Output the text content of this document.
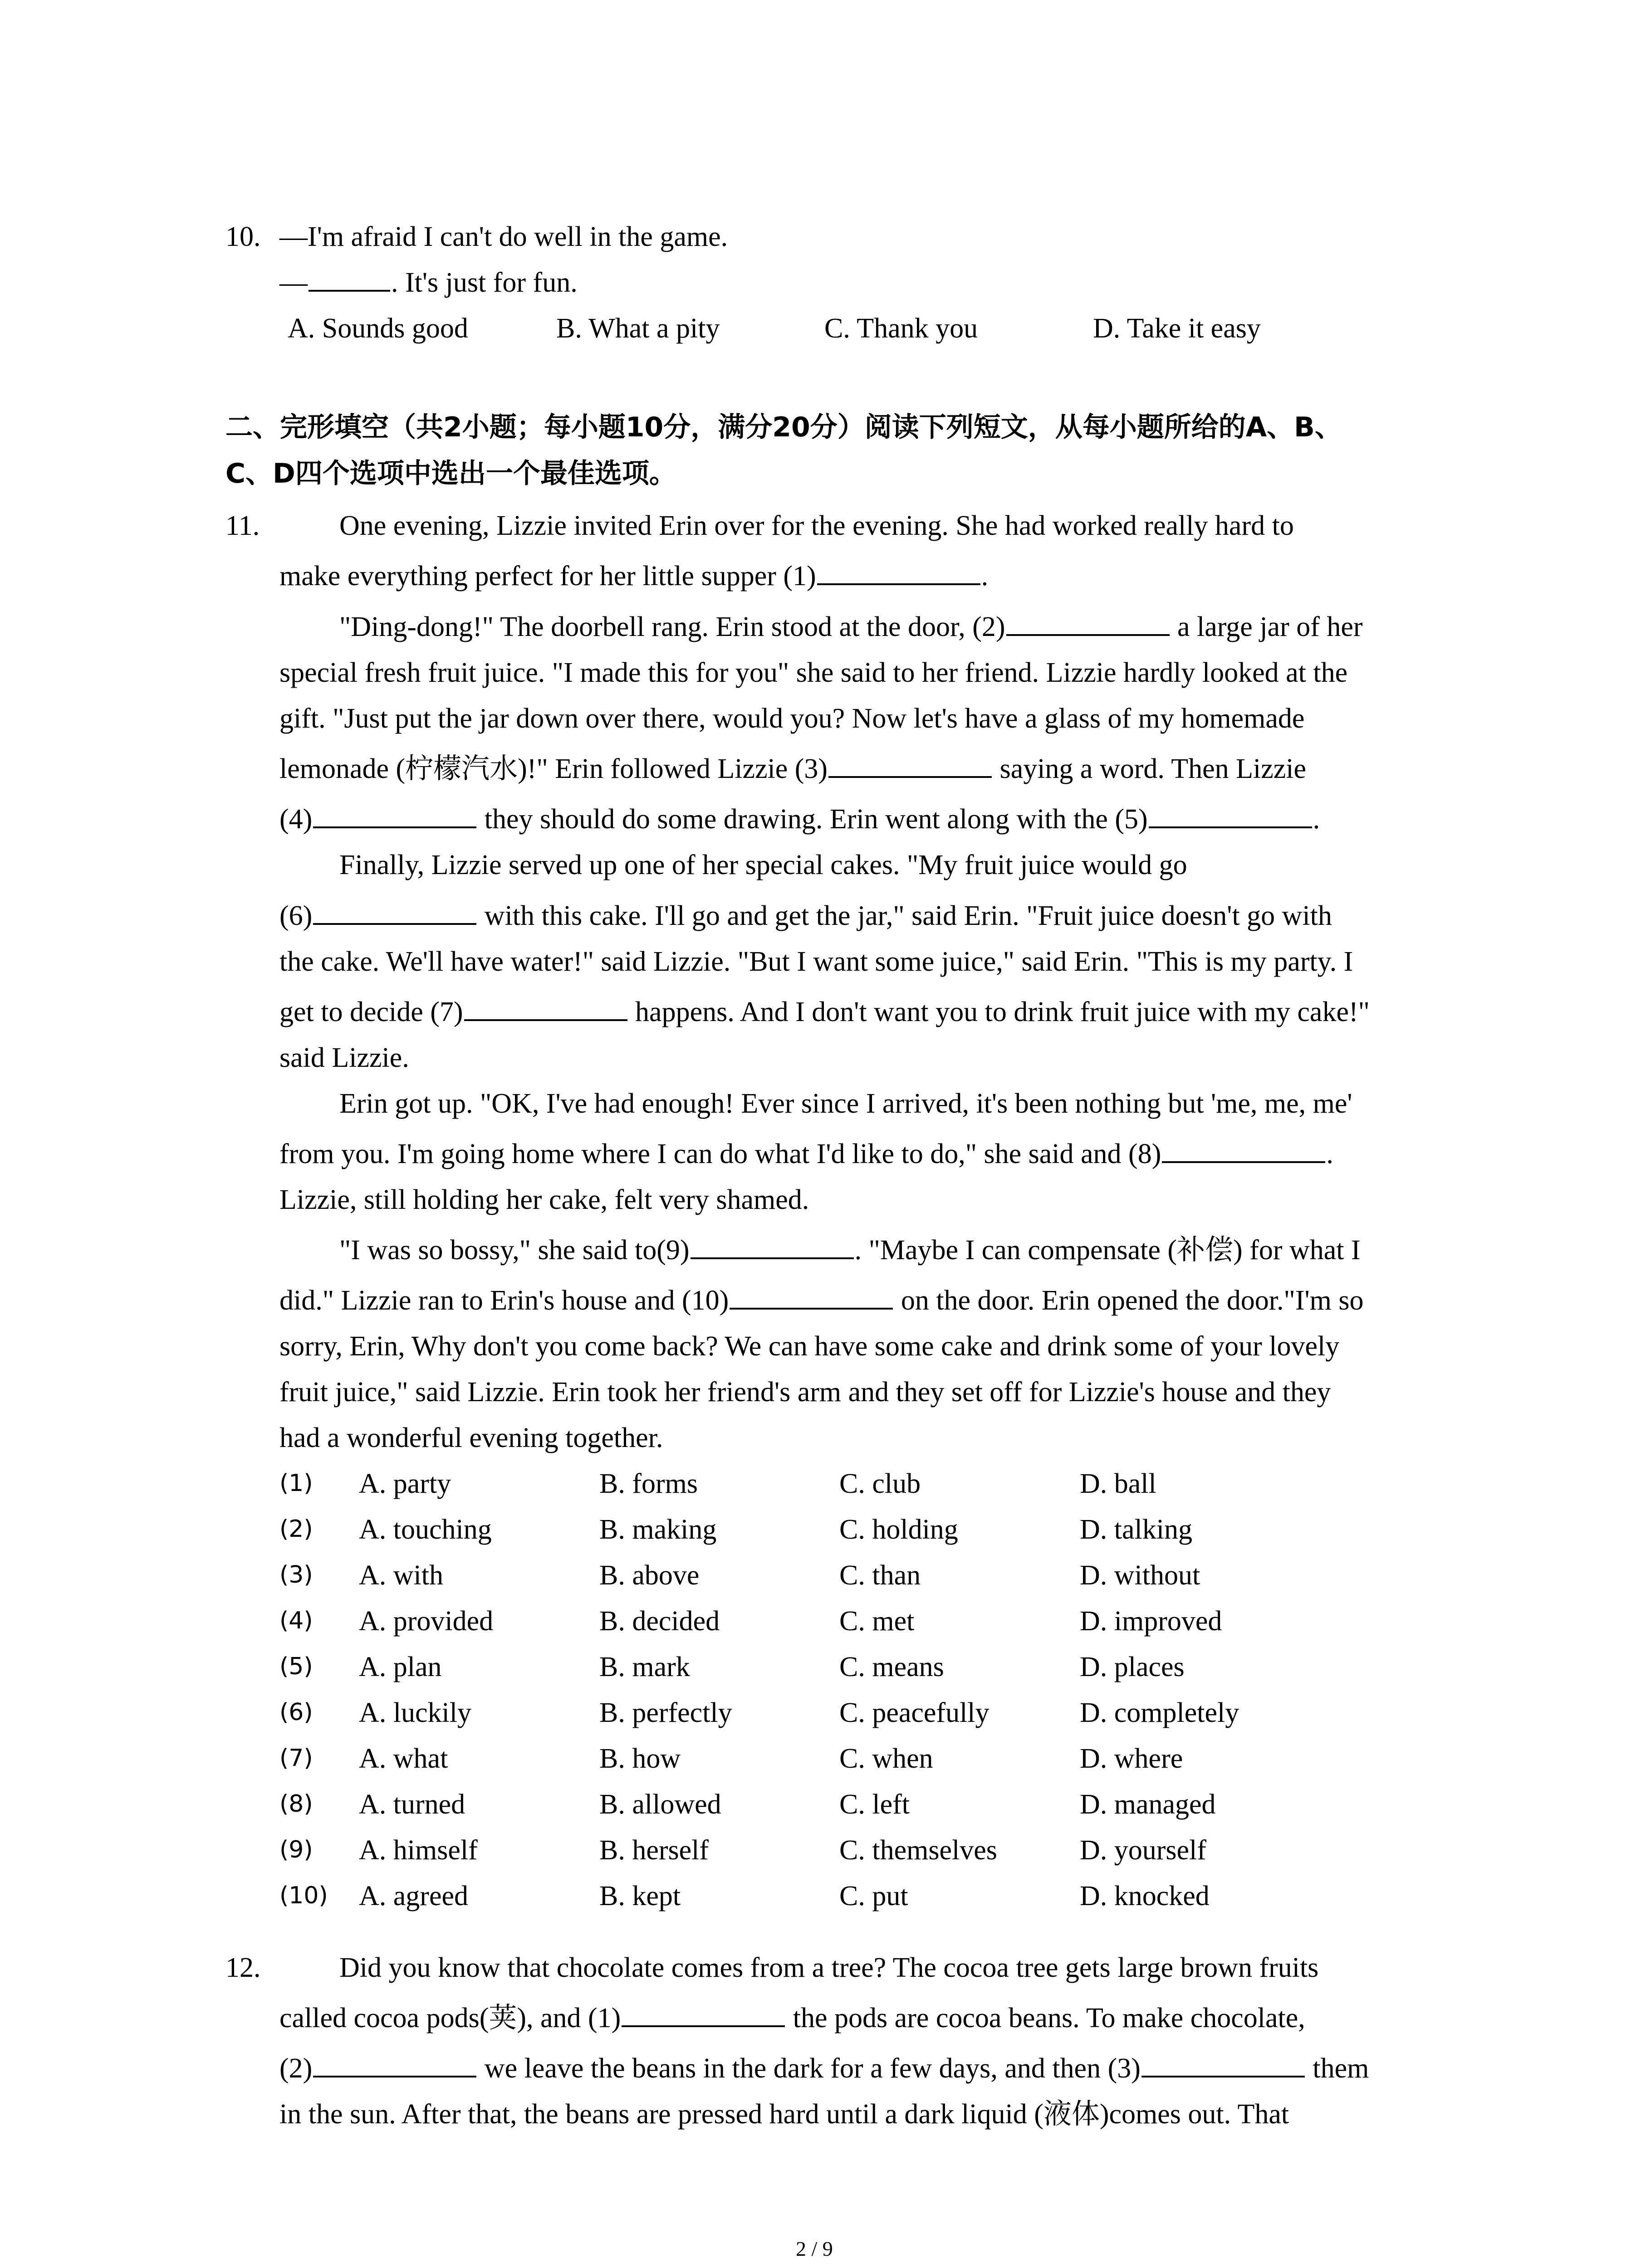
10. —I'm afraid I can't do well in the game.
—	. It's just for fun.
A. Sounds good	B. What a pity	C. Thank you	D. Take it easy
二、完形填空（共2小题；每小题10分，满分20分）阅读下列短文，从每小题所给的A、B、
C、D四个选项中选出一个最佳选项。
11.	One evening, Lizzie invited Erin over for the evening. She had worked really hard to
make everything perfect for her little supper (1)	.
"Ding-dong!" The doorbell rang. Erin stood at the door, (2)	a large jar of her
special fresh fruit juice. "I made this for you" she said to her friend. Lizzie hardly looked at the
gift. "Just put the jar down over there, would you? Now let's have a glass of my homemade
lemonade (柠檬汽水)!" Erin followed Lizzie (3)	saying a word. Then Lizzie
(4)	they should do some drawing. Erin went along with the (5)	.
Finally, Lizzie served up one of her special cakes. "My fruit juice would go
(6)	with this cake. I'll go and get the jar," said Erin. "Fruit juice doesn't go with
the cake. We'll have water!" said Lizzie. "But I want some juice," said Erin. "This is my party. I
get to decide (7)	happens. And I don't want you to drink fruit juice with my cake!"
said Lizzie.
Erin got up. "OK, I've had enough! Ever since I arrived, it's been nothing but 'me, me, me'
from you. I'm going home where I can do what I'd like to do," she said and (8)	.
Lizzie, still holding her cake, felt very shamed.
"I was so bossy," she said to(9)	. "Maybe I can compensate (补偿) for what I
did." Lizzie ran to Erin's house and (10)	on the door. Erin opened the door."I'm so
sorry, Erin, Why don't you come back? We can have some cake and drink some of your lovely
fruit juice," said Lizzie. Erin took her friend's arm and they set off for Lizzie's house and they
had a wonderful evening together.
(1) A. party	B. forms	C. club	D. ball
(2) A. touching	B. making	C. holding	D. talking
(3) A. with	B. above	C. than	D. without
(4) A. provided	B. decided	C. met	D. improved
(5) A. plan	B. mark	C. means	D. places
(6) A. luckily	B. perfectly	C. peacefully	D. completely
(7) A. what	B. how	C. when	D. where
(8) A. turned	B. allowed	C. left	D. managed
(9) A. himself	B. herself	C. themselves	D. yourself
(10) A. agreed	B. kept	C. put	D. knocked
12.	Did you know that chocolate comes from a tree? The cocoa tree gets large brown fruits
called cocoa pods(荚), and (1)	the pods are cocoa beans. To make chocolate,
(2)	we leave the beans in the dark for a few days, and then (3)	them
in the sun. After that, the beans are pressed hard until a dark liquid (液体)comes out. That
2 / 9
